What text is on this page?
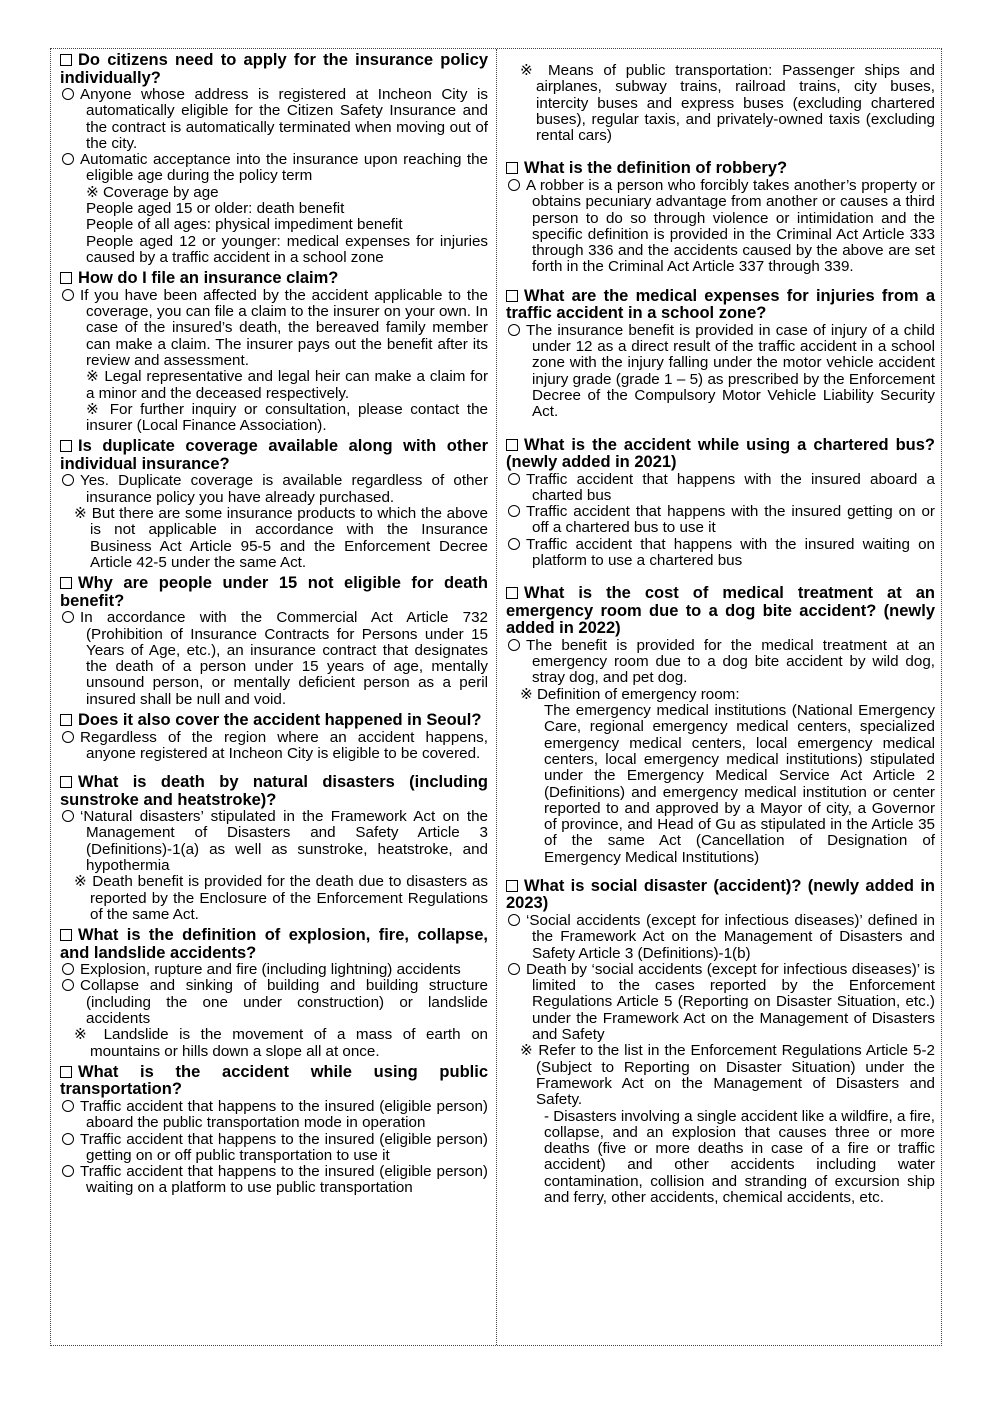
Do citizens need to apply for the insurance policy individually?

Anyone whose address is registered at Incheon City is automatically eligible for the Citizen Safety Insurance and the contract is automatically terminated when moving out of the city.

Automatic acceptance into the insurance upon reaching the eligible age during the policy term

※ Coverage by age

People aged 15 or older: death benefit

People of all ages: physical impediment benefit

People aged 12 or younger: medical expenses for injuries caused by a traffic accident in a school zone

How do I file an insurance claim?

If you have been affected by the accident applicable to the coverage, you can file a claim to the insurer on your own. In case of the insured’s death, the bereaved family member can make a claim. The insurer pays out the benefit after its review and assessment.

※ Legal representative and legal heir can make a claim for a minor and the deceased respectively.

※ For further inquiry or consultation, please contact the insurer (Local Finance Association).

Is duplicate coverage available along with other individual insurance?

Yes. Duplicate coverage is available regardless of other insurance policy you have already purchased.

※ But there are some insurance products to which the above is not applicable in accordance with the Insurance Business Act Article 95-5 and the Enforcement Decree Article 42-5 under the same Act.

Why are people under 15 not eligible for death benefit?

In accordance with the Commercial Act Article 732 (Prohibition of Insurance Contracts for Persons under 15 Years of Age, etc.), an insurance contract that designates the death of a person under 15 years of age, mentally unsound person, or mentally deficient person as a peril insured shall be null and void.

Does it also cover the accident happened in Seoul?

Regardless of the region where an accident happens, anyone registered at Incheon City is eligible to be covered.

What is death by natural disasters (including sunstroke and heatstroke)?

‘Natural disasters’ stipulated in the Framework Act on the Management of Disasters and Safety Article 3 (Definitions)-1(a) as well as sunstroke, heatstroke, and hypothermia

※ Death benefit is provided for the death due to disasters as reported by the Enclosure of the Enforcement Regulations of the same Act.

What is the definition of explosion, fire, collapse, and landslide accidents?

Explosion, rupture and fire (including lightning) accidents

Collapse and sinking of building and building structure (including the one under construction) or landslide accidents

※ Landslide is the movement of a mass of earth on mountains or hills down a slope all at once.

What is the accident while using public transportation?

Traffic accident that happens to the insured (eligible person) aboard the public transportation mode in operation

Traffic accident that happens to the insured (eligible person) getting on or off public transportation to use it

Traffic accident that happens to the insured (eligible person) waiting on a platform to use public transportation

※ Means of public transportation: Passenger ships and airplanes, subway trains, railroad trains, city buses, intercity buses and express buses (excluding chartered buses), regular taxis, and privately-owned taxis (excluding rental cars)

What is the definition of robbery?

A robber is a person who forcibly takes another’s property or obtains pecuniary advantage from another or causes a third person to do so through violence or intimidation and the specific definition is provided in the Criminal Act Article 333 through 336 and the accidents caused by the above are set forth in the Criminal Act Article 337 through 339.

What are the medical expenses for injuries from a traffic accident in a school zone?

The insurance benefit is provided in case of injury of a child under 12 as a direct result of the traffic accident in a school zone with the injury falling under the motor vehicle accident injury grade (grade 1 – 5) as prescribed by the Enforcement Decree of the Compulsory Motor Vehicle Liability Security Act.

What is the accident while using a chartered bus? (newly added in 2021)

Traffic accident that happens with the insured aboard a charted bus

Traffic accident that happens with the insured getting on or off a chartered bus to use it

Traffic accident that happens with the insured waiting on platform to use a chartered bus

What is the cost of medical treatment at an emergency room due to a dog bite accident? (newly added in 2022)

The benefit is provided for the medical treatment at an emergency room due to a dog bite accident by wild dog, stray dog, and pet dog.

※ Definition of emergency room:

The emergency medical institutions (National Emergency Care, regional emergency medical centers, specialized emergency medical centers, local emergency medical centers, local emergency medical institutions) stipulated under the Emergency Medical Service Act Article 2 (Definitions) and emergency medical institution or center reported to and approved by a Mayor of city, a Governor of province, and Head of Gu as stipulated in the Article 35 of the same Act (Cancellation of Designation of Emergency Medical Institutions)

What is social disaster (accident)? (newly added in 2023)

‘Social accidents (except for infectious diseases)’ defined in the Framework Act on the Management of Disasters and Safety Article 3 (Definitions)-1(b)

Death by ‘social accidents (except for infectious diseases)’ is limited to the cases reported by the Enforcement Regulations Article 5 (Reporting on Disaster Situation, etc.) under the Framework Act on the Management of Disasters and Safety

※ Refer to the list in the Enforcement Regulations Article 5-2 (Subject to Reporting on Disaster Situation) under the Framework Act on the Management of Disasters and Safety.

- Disasters involving a single accident like a wildfire, a fire, collapse, and an explosion that causes three or more deaths (five or more deaths in case of a fire or traffic accident) and other accidents including water contamination, collision and stranding of excursion ship and ferry, other accidents, chemical accidents, etc.
